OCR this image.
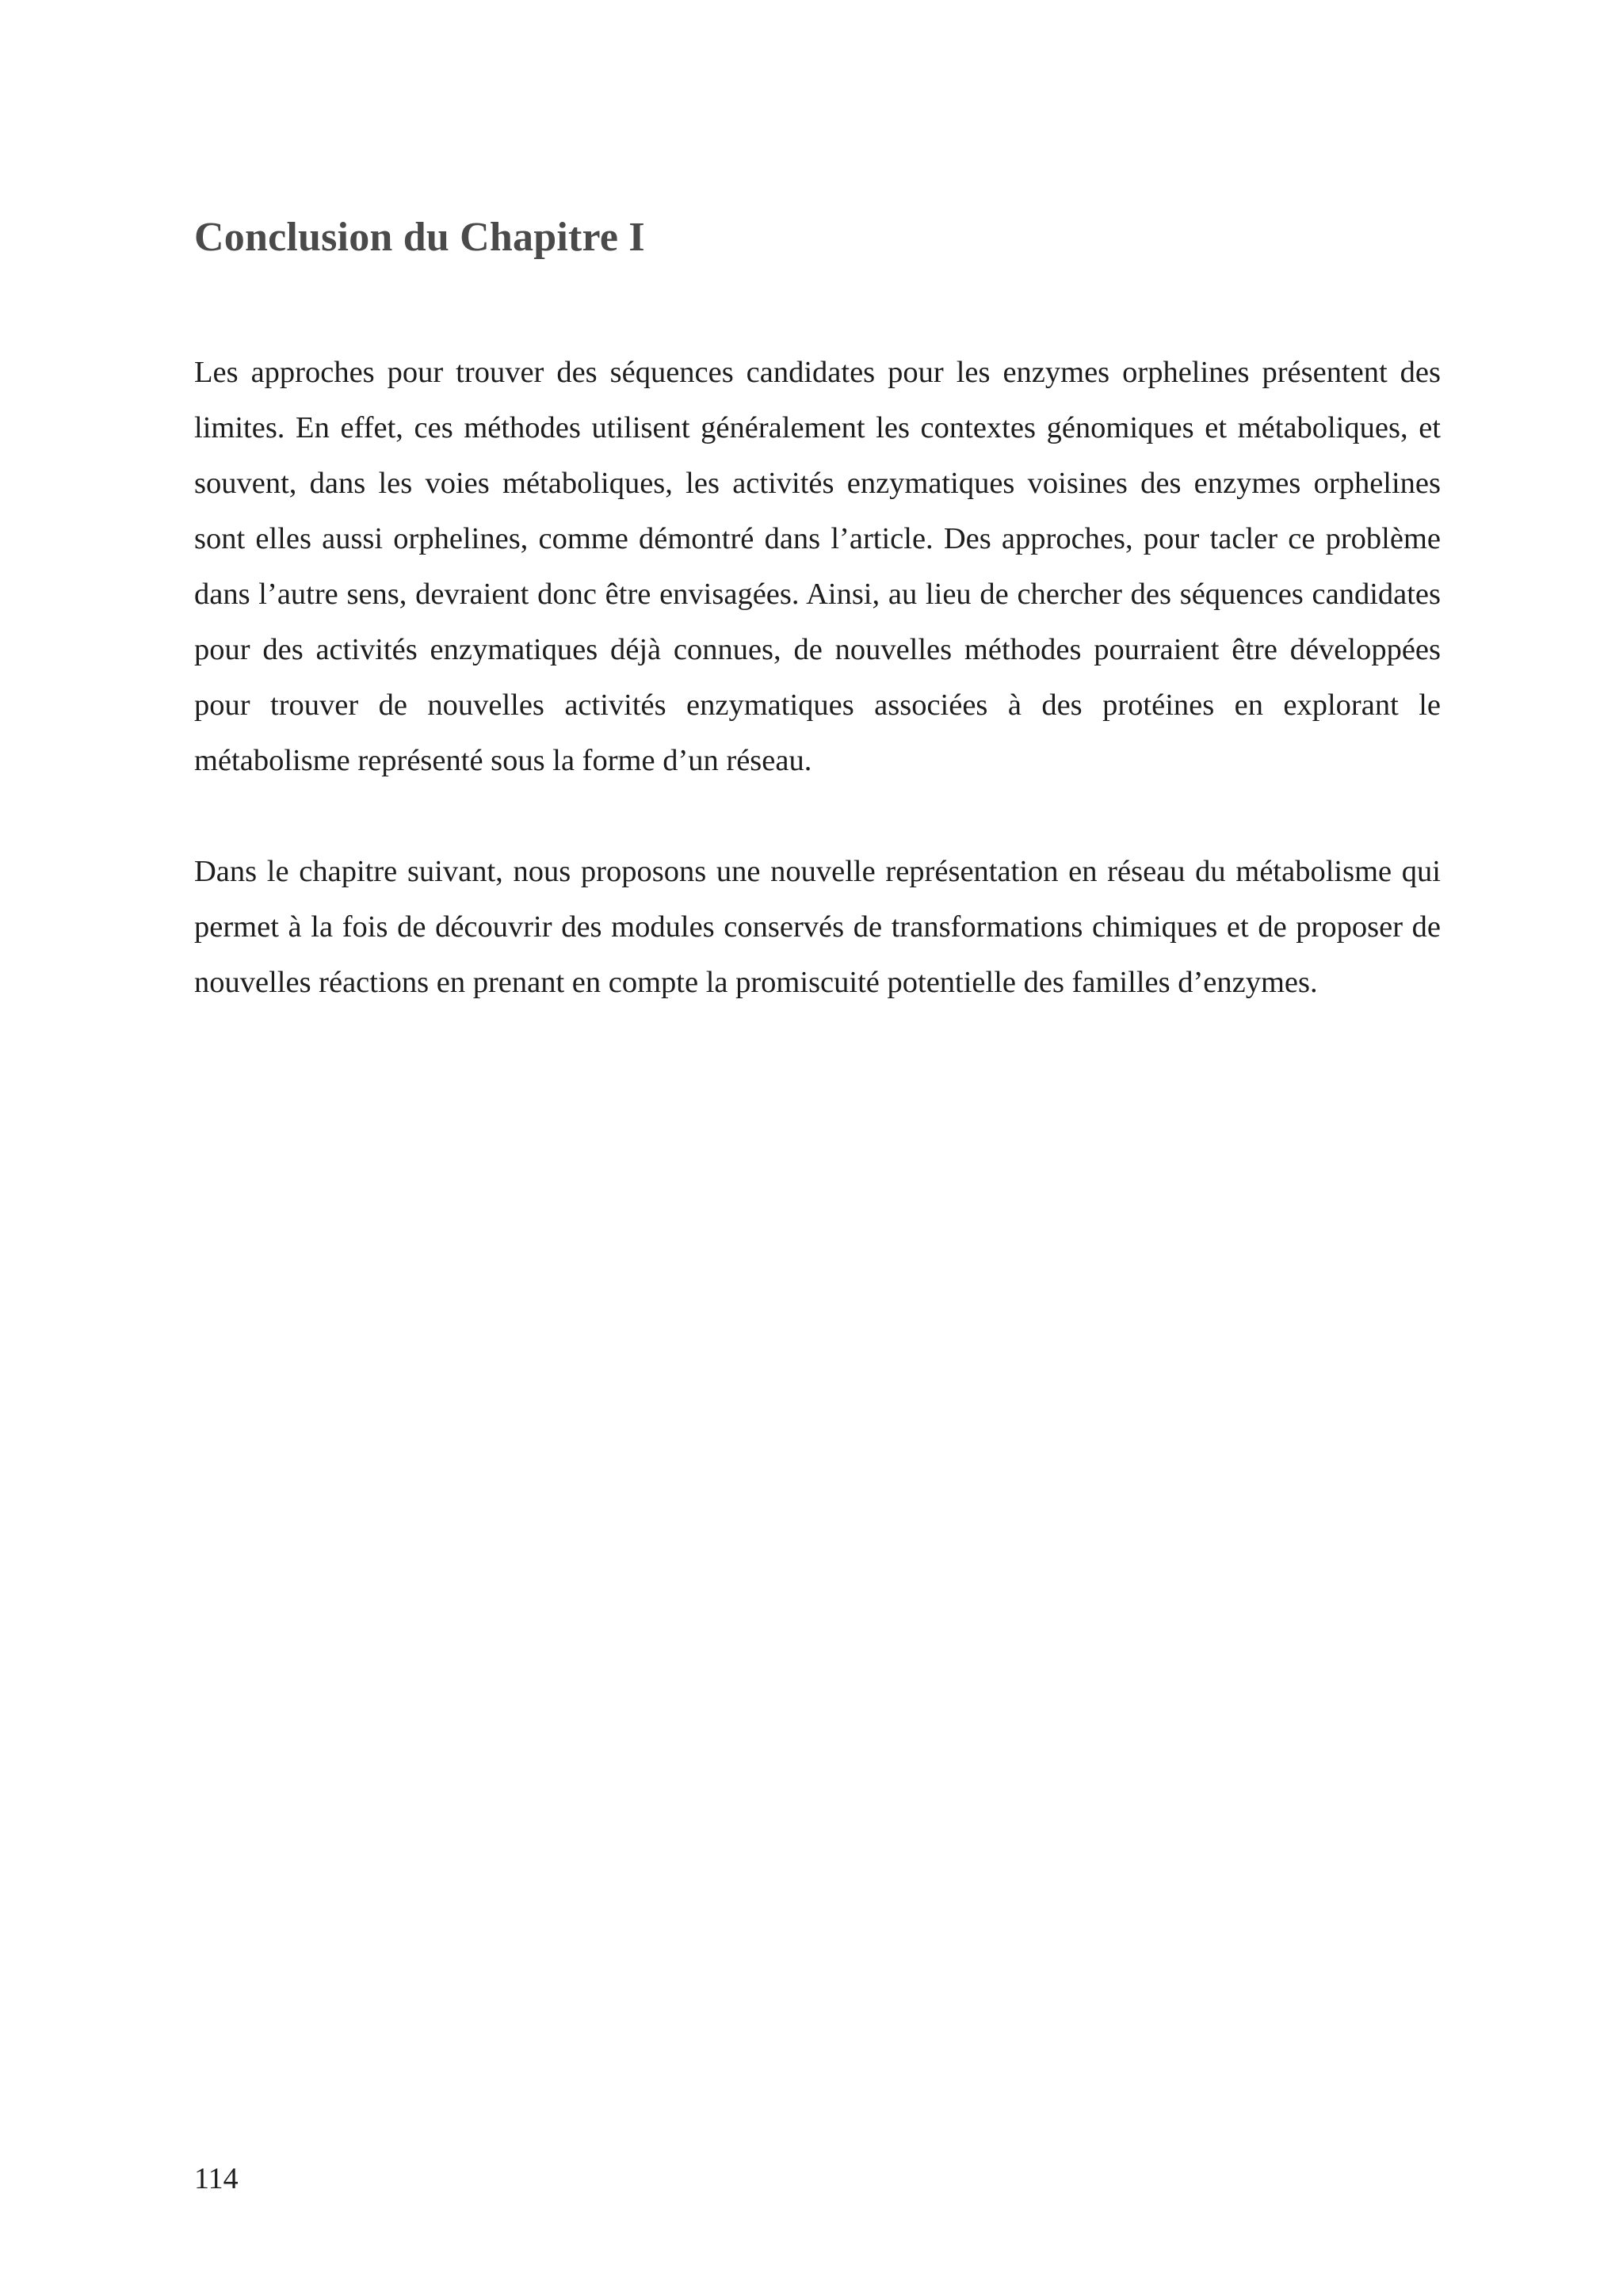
Conclusion du Chapitre I

Les approches pour trouver des séquences candidates pour les enzymes orphelines présentent des limites. En effet, ces méthodes utilisent généralement les contextes génomiques et métaboliques, et souvent, dans les voies métaboliques, les activités enzymatiques voisines des enzymes orphelines sont elles aussi orphelines, comme démontré dans l’article. Des approches, pour tacler ce problème dans l’autre sens, devraient donc être envisagées. Ainsi, au lieu de chercher des séquences candidates pour des activités enzymatiques déjà connues, de nouvelles méthodes pourraient être développées pour trouver de nouvelles activités enzymatiques associées à des protéines en explorant le métabolisme représenté sous la forme d’un réseau.

Dans le chapitre suivant, nous proposons une nouvelle représentation en réseau du métabolisme qui permet à la fois de découvrir des modules conservés de transformations chimiques et de proposer de nouvelles réactions en prenant en compte la promiscuité potentielle des familles d’enzymes.

114
